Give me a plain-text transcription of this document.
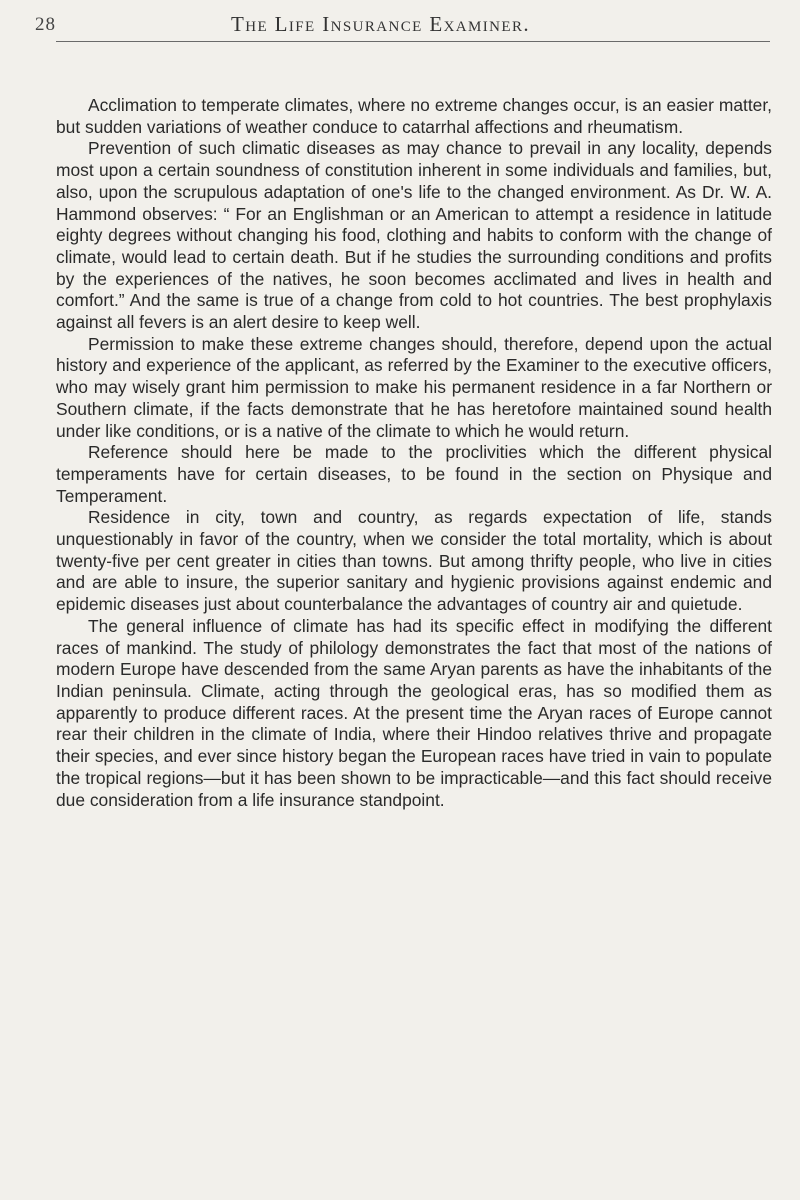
28	The Life Insurance Examiner.

Acclimation to temperate climates, where no extreme changes occur, is an easier matter, but sudden variations of weather conduce to catarrhal affections and rheumatism.

Prevention of such climatic diseases as may chance to prevail in any locality, depends most upon a certain soundness of constitution inherent in some individuals and families, but, also, upon the scrupulous adaptation of one's life to the changed environment. As Dr. W. A. Hammond observes: “ For an Englishman or an American to attempt a residence in latitude eighty degrees without changing his food, clothing and habits to conform with the change of climate, would lead to certain death. But if he studies the surrounding conditions and profits by the experiences of the natives, he soon becomes acclimated and lives in health and comfort.” And the same is true of a change from cold to hot countries. The best prophylaxis against all fevers is an alert desire to keep well.

Permission to make these extreme changes should, therefore, depend upon the actual history and experience of the applicant, as referred by the Examiner to the executive officers, who may wisely grant him permission to make his permanent residence in a far Northern or Southern climate, if the facts demonstrate that he has heretofore maintained sound health under like conditions, or is a native of the climate to which he would return.

Reference should here be made to the proclivities which the different physical temperaments have for certain diseases, to be found in the section on Physique and Temperament.

Residence in city, town and country, as regards expectation of life, stands unquestionably in favor of the country, when we consider the total mortality, which is about twenty-five per cent greater in cities than towns. But among thrifty people, who live in cities and are able to insure, the superior sanitary and hygienic provisions against endemic and epidemic diseases just about counterbalance the advantages of country air and quietude.

The general influence of climate has had its specific effect in modifying the different races of mankind. The study of philology demonstrates the fact that most of the nations of modern Europe have descended from the same Aryan parents as have the inhabitants of the Indian peninsula. Climate, acting through the geological eras, has so modified them as apparently to produce different races. At the present time the Aryan races of Europe cannot rear their children in the climate of India, where their Hindoo relatives thrive and propagate their species, and ever since history began the European races have tried in vain to populate the tropical regions—but it has been shown to be impracticable—and this fact should receive due consideration from a life insurance standpoint.
